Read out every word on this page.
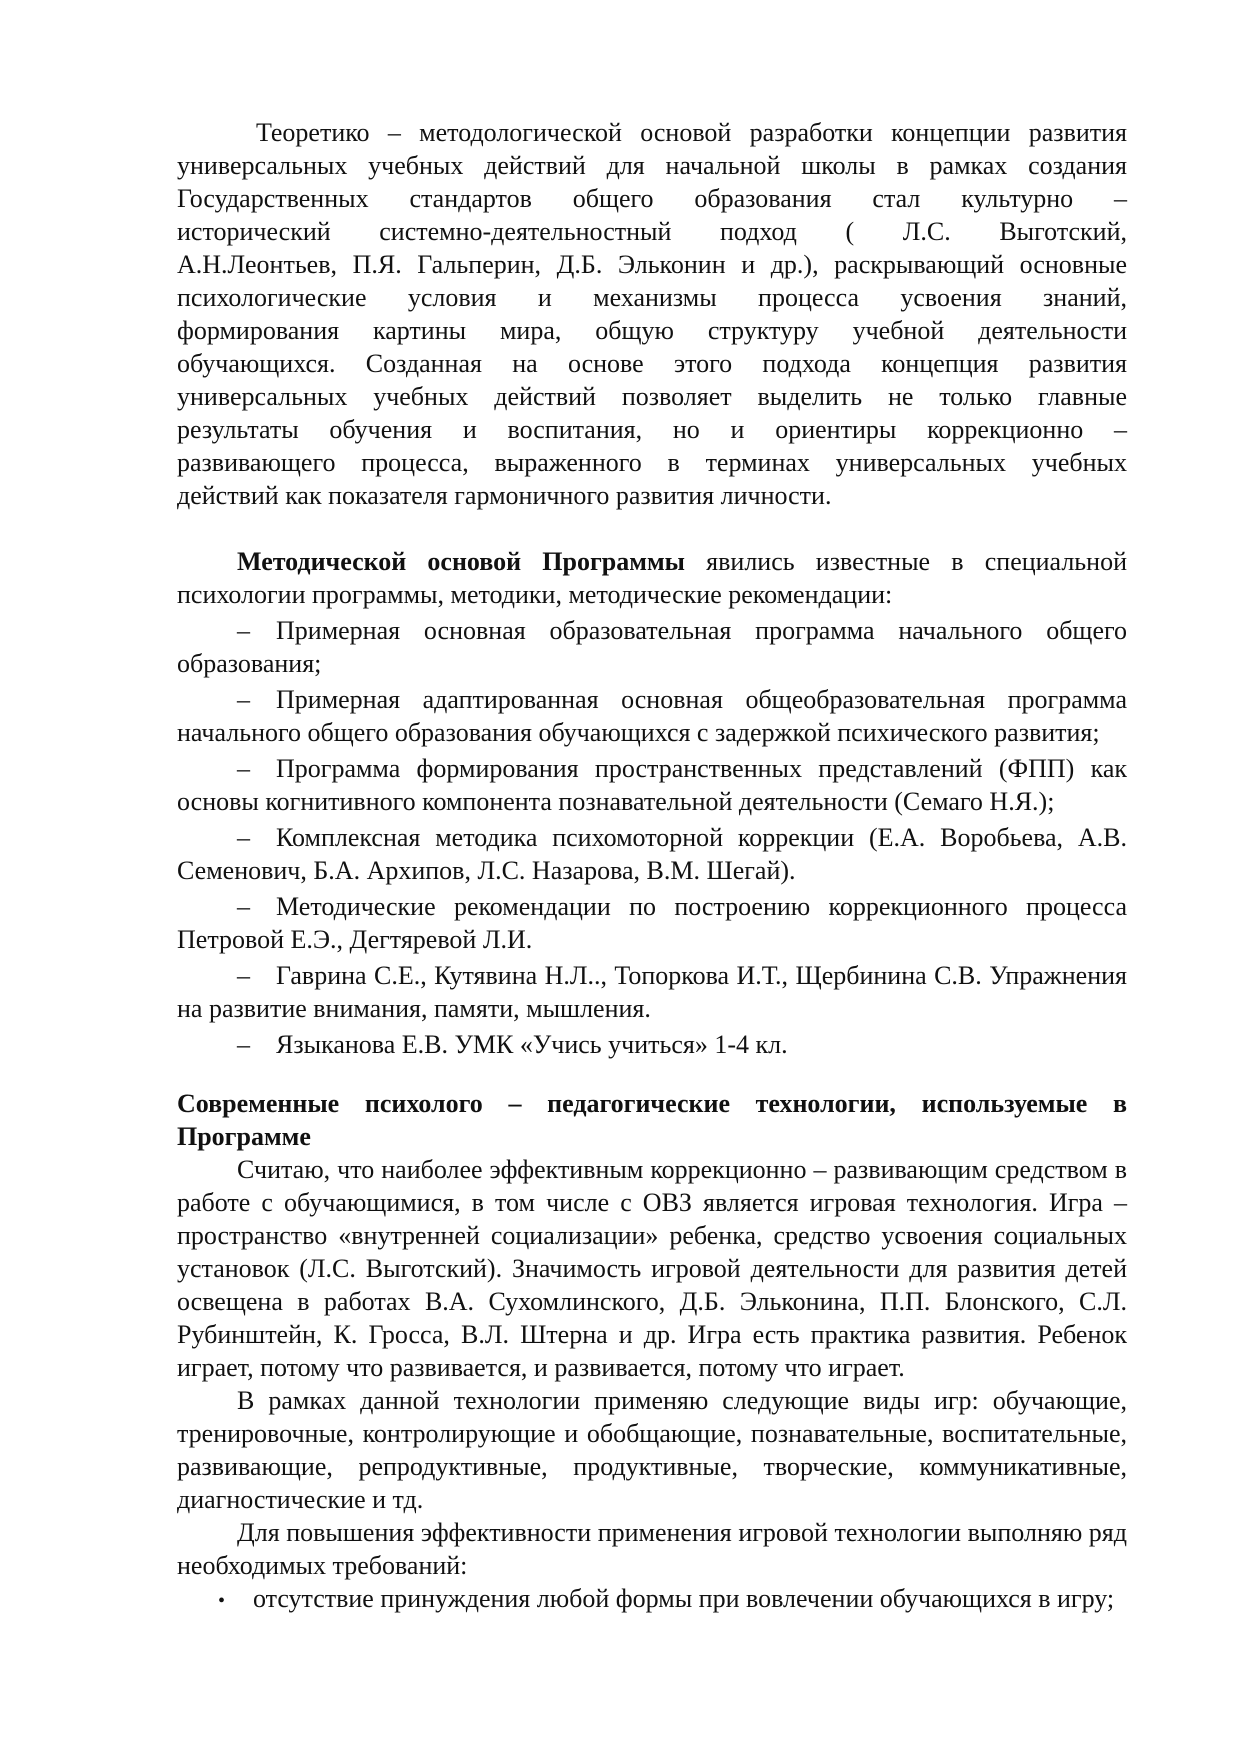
Теоретико – методологической основой разработки концепции развития
универсальных учебных действий для начальной школы в рамках создания
Государственных стандартов общего образования стал культурно –
исторический системно-деятельностный подход ( Л.С. Выготский,
А.Н.Леонтьев, П.Я. Гальперин, Д.Б. Эльконин и др.), раскрывающий основные
психологические условия и механизмы процесса усвоения знаний,
формирования картины мира, общую структуру учебной деятельности
обучающихся. Созданная на основе этого подхода концепция развития
универсальных учебных действий позволяет выделить не только главные
результаты обучения и воспитания, но и ориентиры коррекционно –
развивающего процесса, выраженного в терминах универсальных учебных
действий как показателя гармоничного развития личности.
Методической основой Программы явились известные в специальной
психологии программы, методики, методические рекомендации:
– Примерная основная образовательная программа начального общего
образования;
– Примерная адаптированная основная общеобразовательная программа
начального общего образования обучающихся с задержкой психического развития;
– Программа формирования пространственных представлений (ФПП) как
основы когнитивного компонента познавательной деятельности (Семаго Н.Я.);
– Комплексная методика психомоторной коррекции (Е.А. Воробьева, А.В.
Семенович, Б.А. Архипов, Л.С. Назарова, В.М. Шегай).
– Методические рекомендации по построению коррекционного процесса
Петровой Е.Э., Дегтяревой Л.И.
– Гаврина С.Е., Кутявина Н.Л.., Топоркова И.Т., Щербинина С.В. Упражнения
на развитие внимания, памяти, мышления.
– Языканова Е.В. УМК «Учись учиться» 1-4 кл.
Современные психолого – педагогические технологии, используемые в
Программе
Считаю, что наиболее эффективным коррекционно – развивающим средством в
работе с обучающимися, в том числе с ОВЗ является игровая технология. Игра –
пространство «внутренней социализации» ребенка, средство усвоения социальных
установок (Л.С. Выготский). Значимость игровой деятельности для развития детей
освещена в работах В.А. Сухомлинского, Д.Б. Эльконина, П.П. Блонского, С.Л.
Рубинштейн, К. Гросса, В.Л. Штерна и др. Игра есть практика развития. Ребенок
играет, потому что развивается, и развивается, потому что играет.
В рамках данной технологии применяю следующие виды игр: обучающие,
тренировочные, контролирующие и обобщающие, познавательные, воспитательные,
развивающие, репродуктивные, продуктивные, творческие, коммуникативные,
диагностические и тд.
Для повышения эффективности применения игровой технологии выполняю ряд
необходимых требований:
• отсутствие принуждения любой формы при вовлечении обучающихся в игру;
